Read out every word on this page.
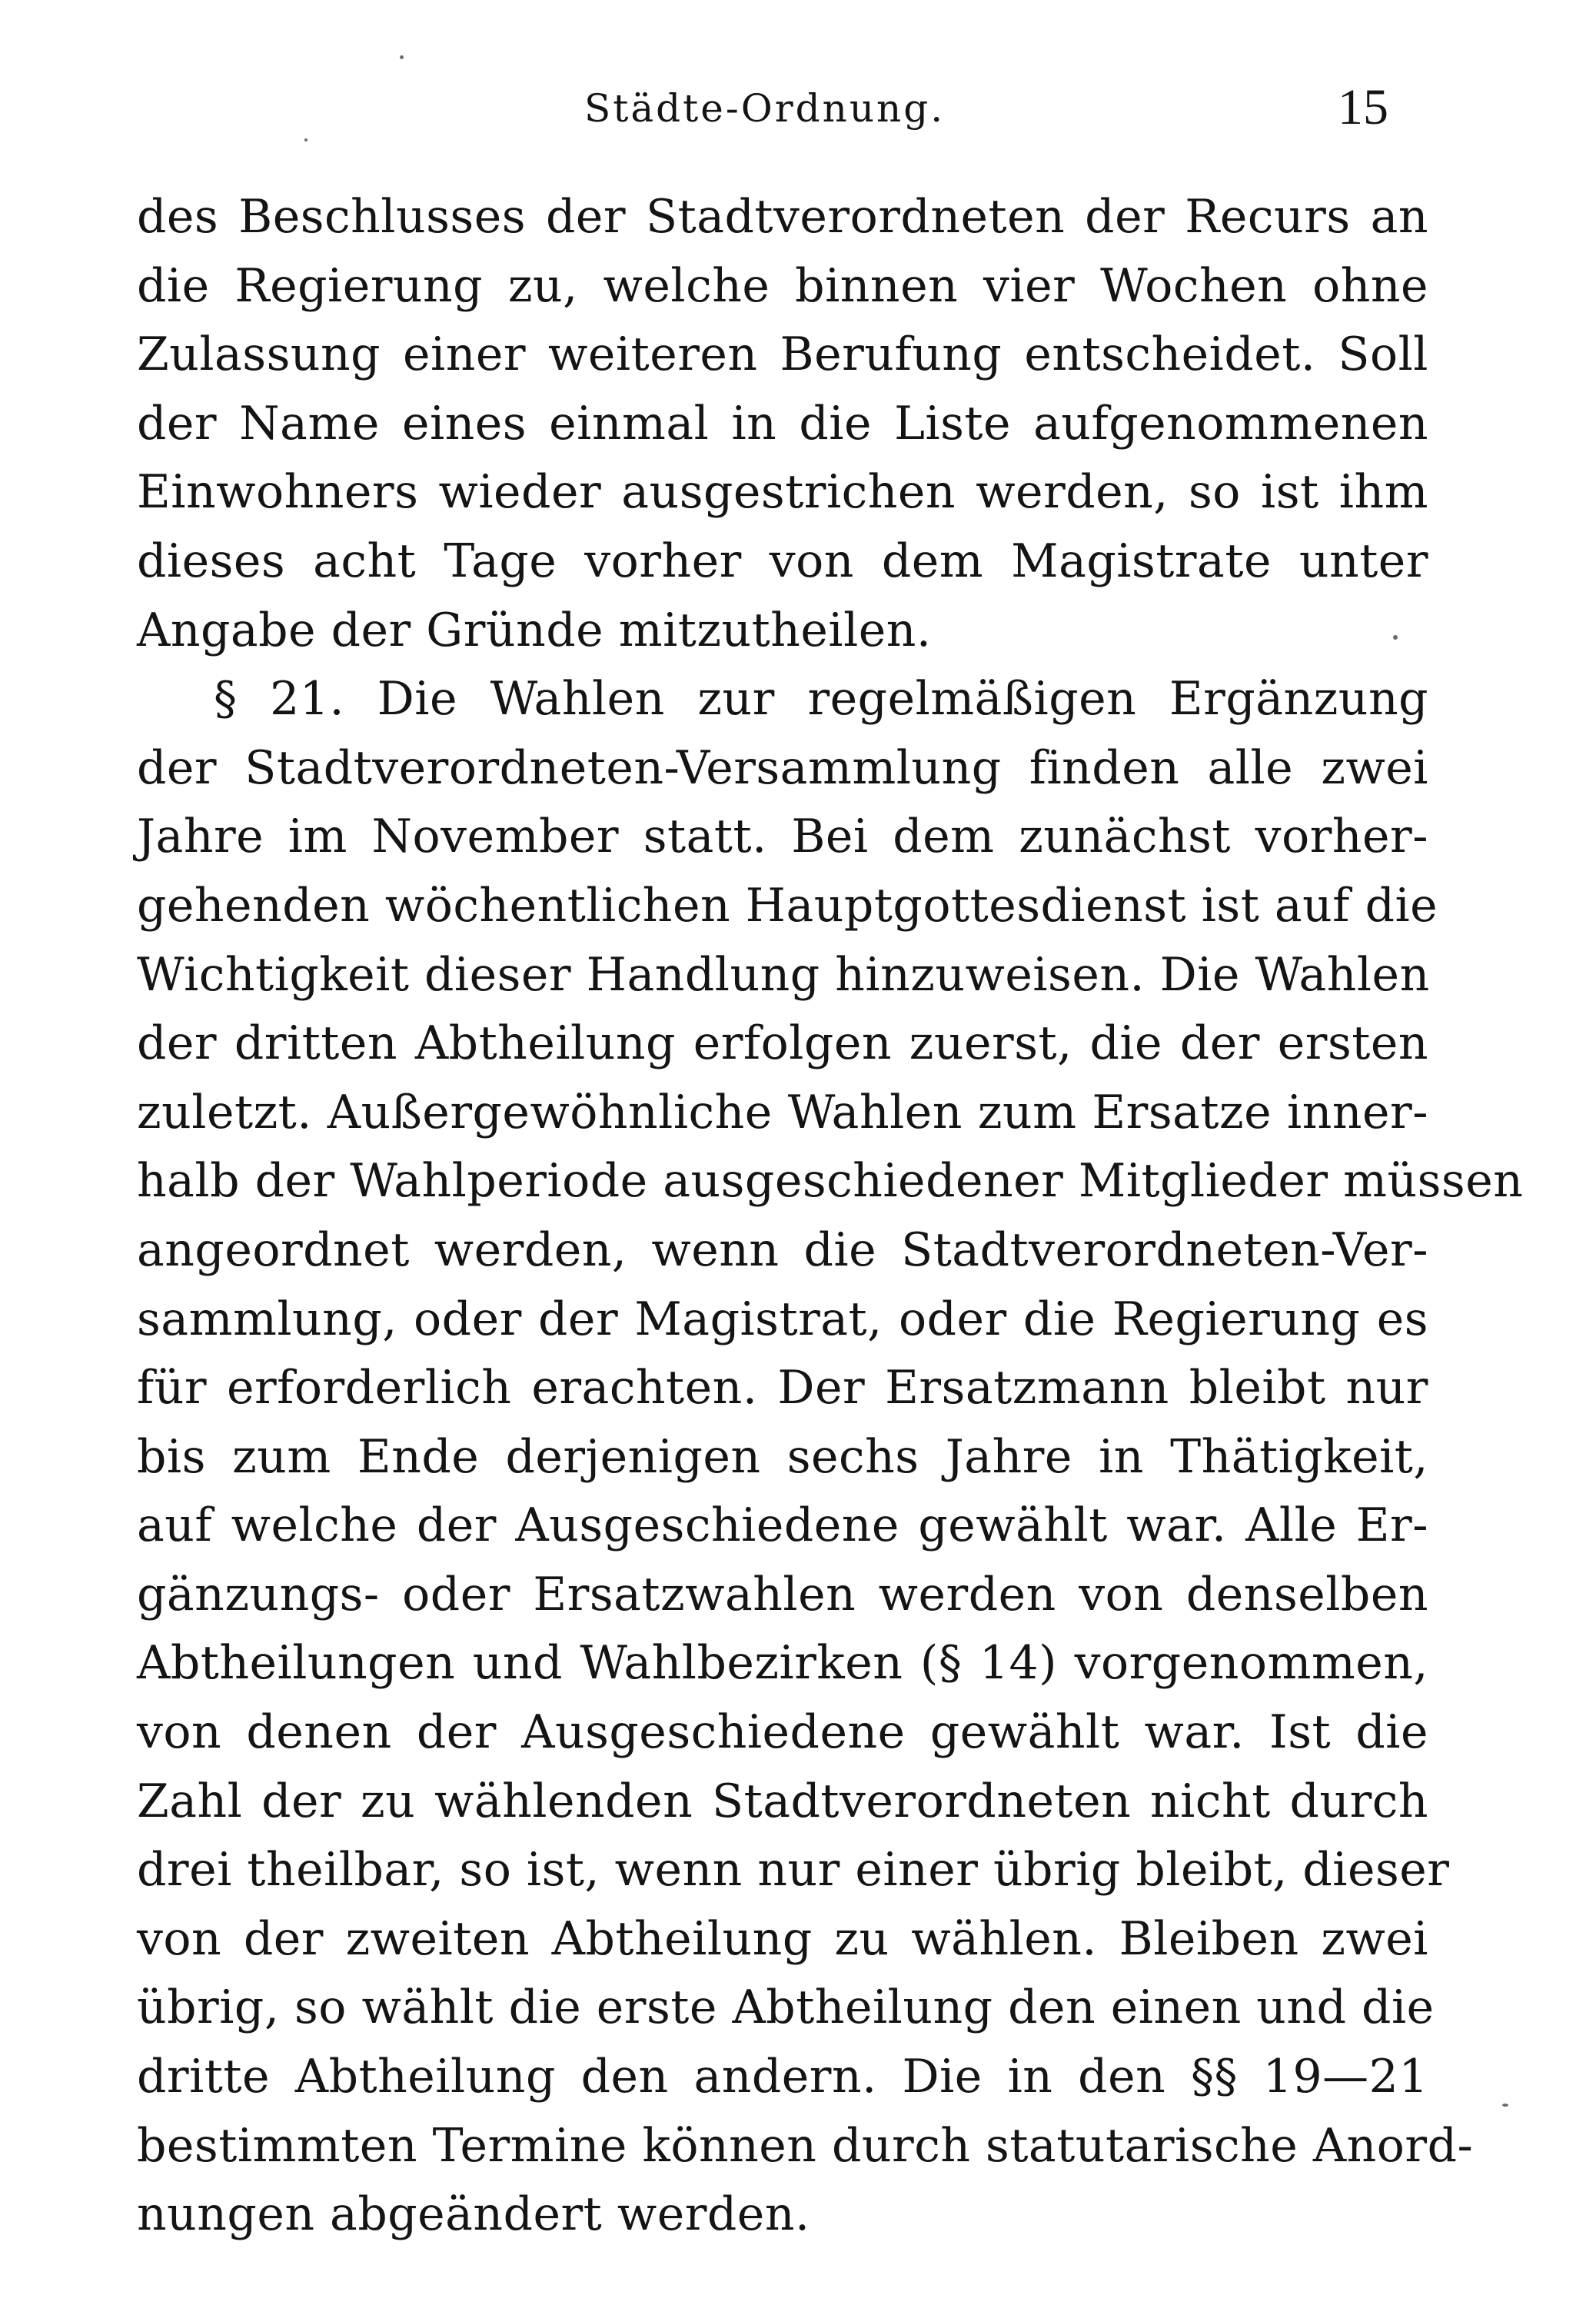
Städte-Ordnung.	15
des Beschlusses der Stadtverordneten der Recurs an
die Regierung zu, welche binnen vier Wochen ohne
Zulassung einer weiteren Berufung entscheidet. Soll
der Name eines einmal in die Liste aufgenommenen
Einwohners wieder ausgestrichen werden, so ist ihm
dieses acht Tage vorher von dem Magistrate unter
Angabe der Gründe mitzutheilen.
§ 21. Die Wahlen zur regelmäßigen Ergänzung
der Stadtverordneten-Versammlung finden alle zwei
Jahre im November statt. Bei dem zunächst vorher-
gehenden wöchentlichen Hauptgottesdienst ist auf die
Wichtigkeit dieser Handlung hinzuweisen. Die Wahlen
der dritten Abtheilung erfolgen zuerst, die der ersten
zuletzt. Außergewöhnliche Wahlen zum Ersatze inner-
halb der Wahlperiode ausgeschiedener Mitglieder müssen
angeordnet werden, wenn die Stadtverordneten-Ver-
sammlung, oder der Magistrat, oder die Regierung es
für erforderlich erachten. Der Ersatzmann bleibt nur
bis zum Ende derjenigen sechs Jahre in Thätigkeit,
auf welche der Ausgeschiedene gewählt war. Alle Er-
gänzungs- oder Ersatzwahlen werden von denselben
Abtheilungen und Wahlbezirken (§ 14) vorgenommen,
von denen der Ausgeschiedene gewählt war. Ist die
Zahl der zu wählenden Stadtverordneten nicht durch
drei theilbar, so ist, wenn nur einer übrig bleibt, dieser
von der zweiten Abtheilung zu wählen. Bleiben zwei
übrig, so wählt die erste Abtheilung den einen und die
dritte Abtheilung den andern. Die in den §§ 19—21
bestimmten Termine können durch statutarische Anord-
nungen abgeändert werden.
